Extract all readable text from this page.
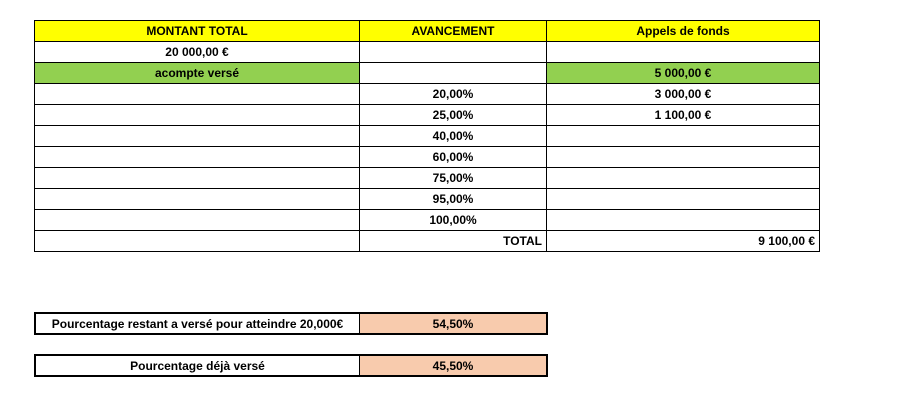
MONTANT TOTAL	AVANCEMENT	Appels de fonds
20 000,00 €		
acompte versé		5 000,00 €
	20,00%	3 000,00 €
	25,00%	1 100,00 €
	40,00%	
	60,00%	
	75,00%	
	95,00%	
	100,00%	
	TOTAL	9 100,00 €
Pourcentage restant a versé pour atteindre 20,000€	54,50%
Pourcentage déjà versé	45,50%
